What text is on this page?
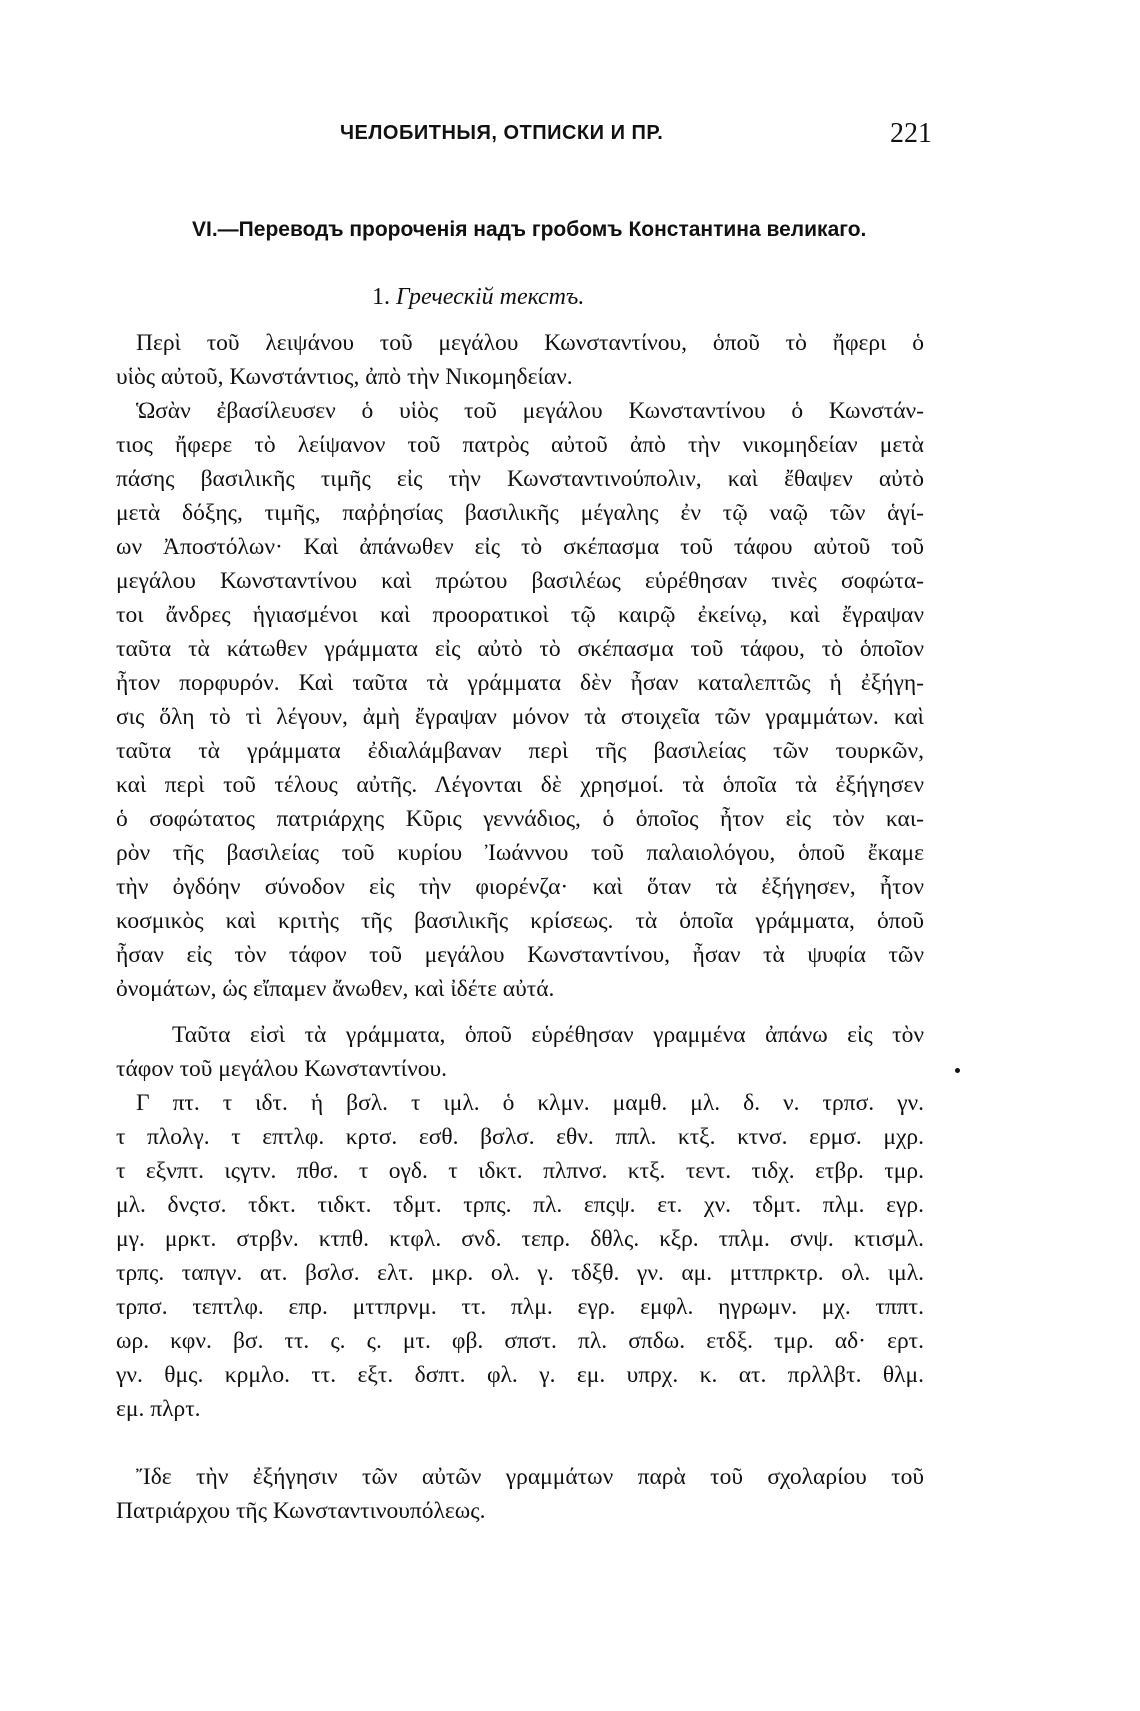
ЧЕЛОБИТНЫЯ, ОТПИСКИ И ПР.	221
VI.—Переводъ пророченія надъ гробомъ Константина великаго.
1. Греческій текстъ.
Περὶ τοῦ λειψάνου τοῦ μεγάλου Κωνσταντίνου, ὁποῦ τὸ ἤφερι ὁ
υἱὸς αὐτοῦ, Κωνστάντιος, ἀπὸ τὴν Νικομηδείαν.
Ὡσὰν ἐβασίλευσεν ὁ υἱὸς τοῦ μεγάλου Κωνσταντίνου ὁ Κωνστάν-
τιος ἤφερε τὸ λείψανον τοῦ πατρὸς αὐτοῦ ἀπὸ τὴν νικομηδείαν μετὰ
πάσης βασιλικῆς τιμῆς εἰς τὴν Κωνσταντινούπολιν, καὶ ἔθαψεν αὐτὸ
μετὰ δόξης, τιμῆς, παῤῥησίας βασιλικῆς μέγαλης ἐν τῷ ναῷ τῶν ἁγί-
ων Ἀποστόλων· Καὶ ἀπάνωθεν εἰς τὸ σκέπασμα τοῦ τάφου αὐτοῦ τοῦ
μεγάλου Κωνσταντίνου καὶ πρώτου βασιλέως εὑρέθησαν τινὲς σοφώτα-
τοι ἄνδρες ἡγιασμένοι καὶ προορατικοὶ τῷ καιρῷ ἐκείνῳ, καὶ ἔγραψαν
ταῦτα τὰ κάτωθεν γράμματα εἰς αὐτὸ τὸ σκέπασμα τοῦ τάφου, τὸ ὁποῖον
ἦτον πορφυρόν. Καὶ ταῦτα τὰ γράμματα δὲν ἦσαν καταλεπτῶς ἡ ἐξήγη-
σις ὅλη τὸ τὶ λέγουν, ἀμὴ ἔγραψαν μόνον τὰ στοιχεῖα τῶν γραμμάτων. καὶ
ταῦτα τὰ γράμματα ἐδιαλάμβαναν περὶ τῆς βασιλείας τῶν τουρκῶν,
καὶ περὶ τοῦ τέλους αὐτῆς. Λέγονται δὲ χρησμοί. τὰ ὁποῖα τὰ ἐξήγησεν
ὁ σοφώτατος πατριάρχης Κῦρις γεννάδιος, ὁ ὁποῖος ἦτον εἰς τὸν και-
ρὸν τῆς βασιλείας τοῦ κυρίου Ἰωάννου τοῦ παλαιολόγου, ὁποῦ ἔκαμε
τὴν ὀγδόην σύνοδον εἰς τὴν φιορένζα· καὶ ὅταν τὰ ἐξήγησεν, ἦτον
κοσμικὸς καὶ κριτὴς τῆς βασιλικῆς κρίσεως. τὰ ὁποῖα γράμματα, ὁποῦ
ἦσαν εἰς τὸν τάφον τοῦ μεγάλου Κωνσταντίνου, ἦσαν τὰ ψυφία τῶν
ὀνομάτων, ὡς εἴπαμεν ἄνωθεν, καὶ ἰδέτε αὐτά.
Ταῦτα εἰσὶ τὰ γράμματα, ὁποῦ εὑρέθησαν γραμμένα ἀπάνω εἰς τὸν
τάφον τοῦ μεγάλου Κωνσταντίνου.
Γ πτ. τ ιδτ. ἡ βσλ. τ ιμλ. ὁ κλμν. μαμθ. μλ. δ. ν. τρπσ. γν.
τ πλολγ. τ επτλφ. κρτσ. εσθ. βσλσ. εθν. ππλ. κτξ. κτνσ. ερμσ. μχρ.
τ εξνπτ. ιςγτν. πθσ. τ ογδ. τ ιδκτ. πλπνσ. κτξ. τεντ. τιδχ. ετβρ. τμρ.
μλ. δνςτσ. τδκτ. τιδκτ. τδμτ. τρπς. πλ. επςψ. ετ. χν. τδμτ. πλμ. εγρ.
μγ. μρκτ. στρβν. κτπθ. κτφλ. σνδ. τεπρ. δθλς. κξρ. τπλμ. σνψ. κτισμλ.
τρπς. ταπγν. ατ. βσλσ. ελτ. μκρ. ολ. γ. τδξθ. γν. αμ. μττπρκτρ. ολ. ιμλ.
τρπσ. τεπτλφ. επρ. μττπρνμ. ττ. πλμ. εγρ. εμφλ. ηγρωμν. μχ. τππτ.
ωρ. κφν. βσ. ττ. ς. ς. μτ. φβ. σπστ. πλ. σπδω. ετδξ. τμρ. αδ· ερτ.
γν. θμς. κρμλο. ττ. εξτ. δσπτ. φλ. γ. εμ. υπρχ. κ. ατ. πρλλβτ. θλμ.
εμ. πλρτ.
Ἴδε τὴν ἐξήγησιν τῶν αὐτῶν γραμμάτων παρὰ τοῦ σχολαρίου τοῦ
Πατριάρχου τῆς Κωνσταντινουπόλεως.
